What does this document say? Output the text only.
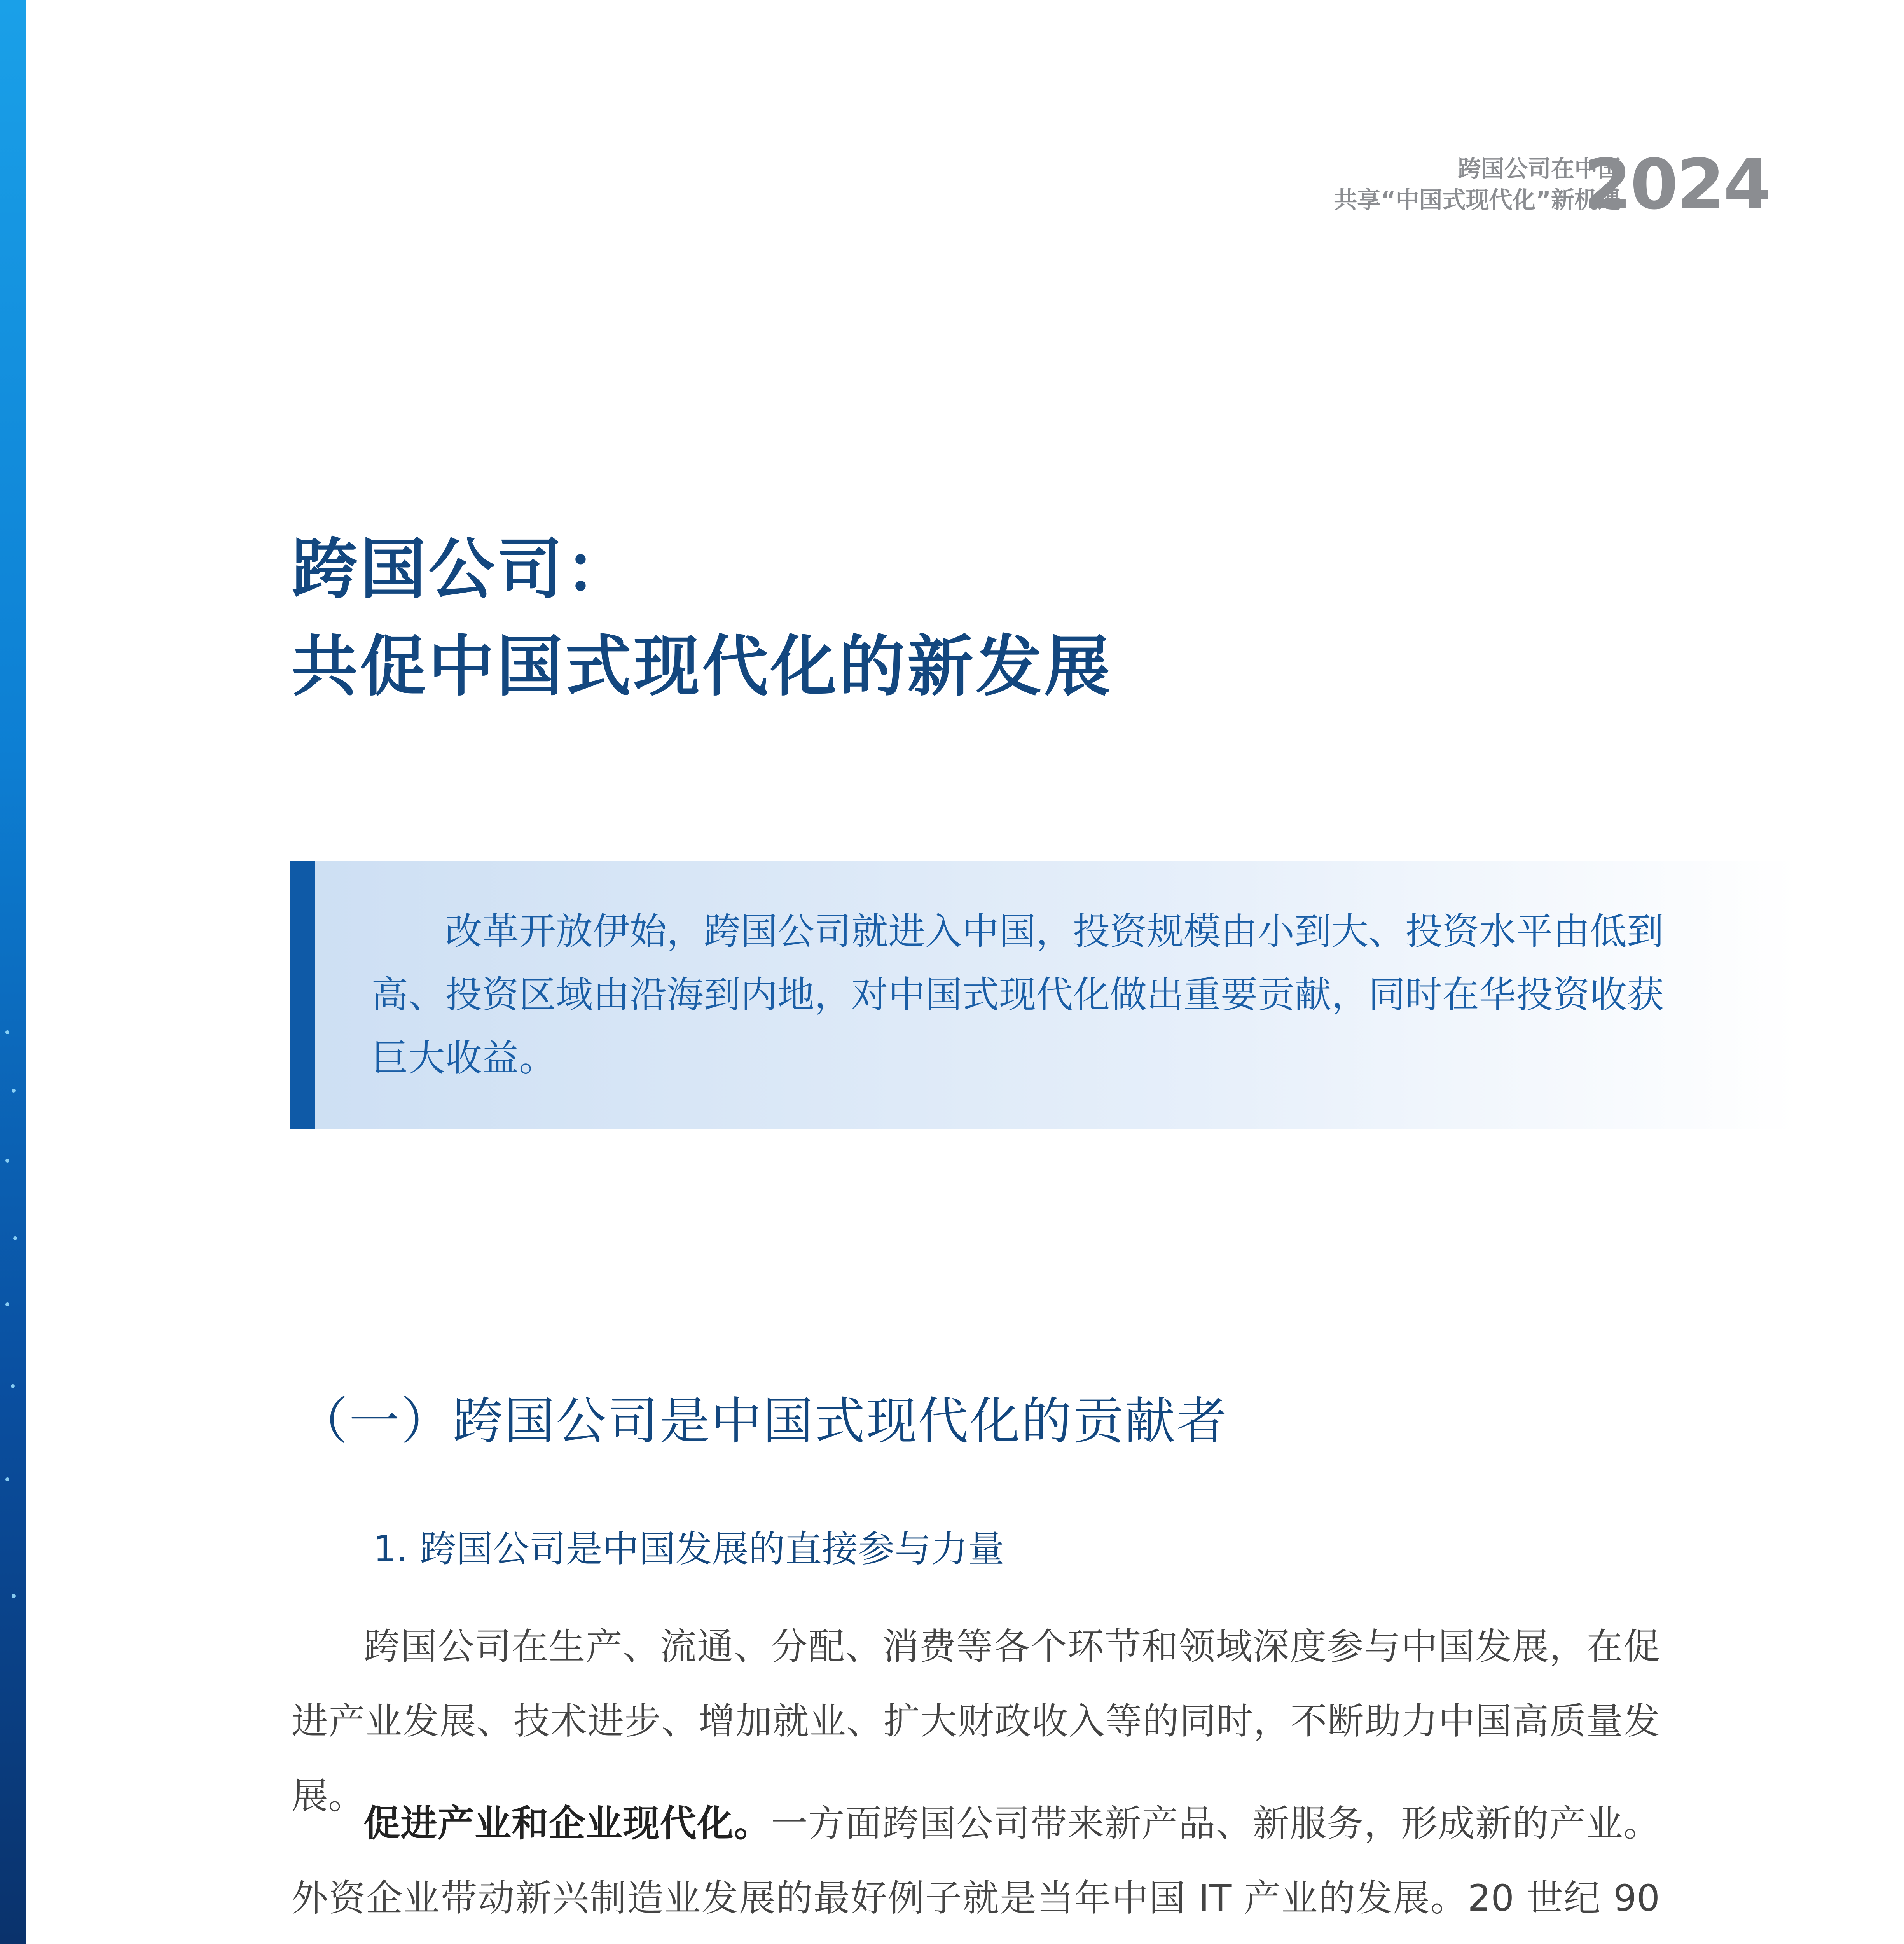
跨国公司在中国
共享“中国式现代化”新机遇
2024
跨国公司：
共促中国式现代化的新发展
改革开放伊始，跨国公司就进入中国，投资规模由小到大、投资水平由低到高、投资区域由沿海到内地，对中国式现代化做出重要贡献，同时在华投资收获巨大收益。
（一）跨国公司是中国式现代化的贡献者
1. 跨国公司是中国发展的直接参与力量
跨国公司在生产、流通、分配、消费等各个环节和领域深度参与中国发展，在促进产业发展、技术进步、增加就业、扩大财政收入等的同时，不断助力中国高质量发展。
促进产业和企业现代化。一方面跨国公司带来新产品、新服务，形成新的产业。外资企业带动新兴制造业发展的最好例子就是当年中国 IT 产业的发展。20 世纪 90
